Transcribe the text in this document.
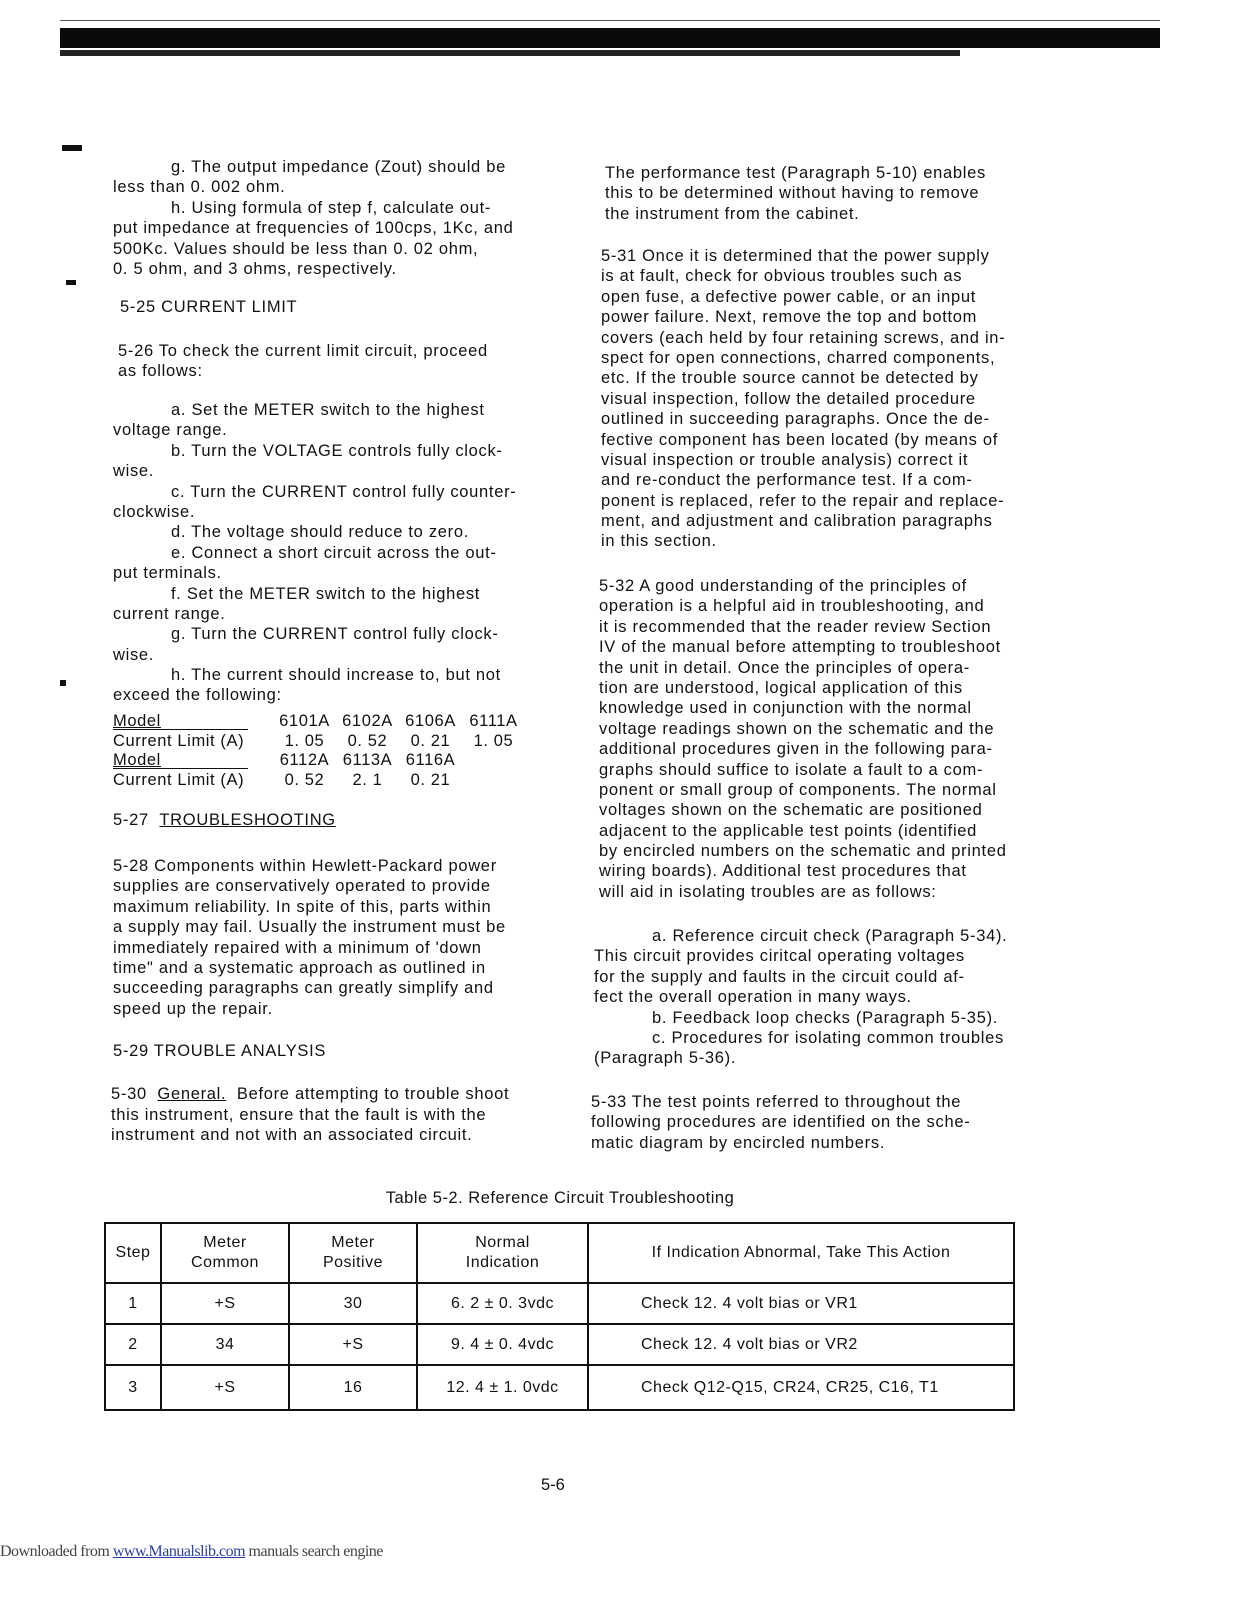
g. The output impedance (Zout) should be
less than 0. 002 ohm.
h. Using formula of step f, calculate out-
put impedance at frequencies of 100cps, 1Kc, and
500Kc. Values should be less than 0. 02 ohm,
0. 5 ohm, and 3 ohms, respectively.
5-25 CURRENT LIMIT
5-26 To check the current limit circuit, proceed
as follows:
a. Set the METER switch to the highest
voltage range.
b. Turn the VOLTAGE controls fully clock-
wise.
c. Turn the CURRENT control fully counter-
clockwise.
d. The voltage should reduce to zero.
e. Connect a short circuit across the out-
put terminals.
f. Set the METER switch to the highest
current range.
g. Turn the CURRENT control fully clock-
wise.
h. The current should increase to, but not
exceed the following:
Model	6101A 6102A 6106A 6111A
Current Limit (A)	1. 05	0. 52	0. 21	1. 05
Model	6112A 6113A 6116A
Current Limit (A)	0. 52	2. 1	0. 21
5-27 TROUBLESHOOTING
5-28 Components within Hewlett-Packard power
supplies are conservatively operated to provide
maximum reliability. In spite of this, parts within
a supply may fail. Usually the instrument must be
immediately repaired with a minimum of 'down
time" and a systematic approach as outlined in
succeeding paragraphs can greatly simplify and
speed up the repair.
5-29 TROUBLE ANALYSIS
5-30 General. Before attempting to trouble shoot
this instrument, ensure that the fault is with the
instrument and not with an associated circuit.
The performance test (Paragraph 5-10) enables
this to be determined without having to remove
the instrument from the cabinet.
5-31 Once it is determined that the power supply
is at fault, check for obvious troubles such as
open fuse, a defective power cable, or an input
power failure. Next, remove the top and bottom
covers (each held by four retaining screws, and in-
spect for open connections, charred components,
etc. If the trouble source cannot be detected by
visual inspection, follow the detailed procedure
outlined in succeeding paragraphs. Once the de-
fective component has been located (by means of
visual inspection or trouble analysis) correct it
and re-conduct the performance test. If a com-
ponent is replaced, refer to the repair and replace-
ment, and adjustment and calibration paragraphs
in this section.
5-32 A good understanding of the principles of
operation is a helpful aid in troubleshooting, and
it is recommended that the reader review Section
IV of the manual before attempting to troubleshoot
the unit in detail. Once the principles of opera-
tion are understood, logical application of this
knowledge used in conjunction with the normal
voltage readings shown on the schematic and the
additional procedures given in the following para-
graphs should suffice to isolate a fault to a com-
ponent or small group of components. The normal
voltages shown on the schematic are positioned
adjacent to the applicable test points (identified
by encircled numbers on the schematic and printed
wiring boards). Additional test procedures that
will aid in isolating troubles are as follows:
a. Reference circuit check (Paragraph 5-34).
This circuit provides ciritcal operating voltages
for the supply and faults in the circuit could af-
fect the overall operation in many ways.
b. Feedback loop checks (Paragraph 5-35).
c. Procedures for isolating common troubles
(Paragraph 5-36).
5-33 The test points referred to throughout the
following procedures are identified on the sche-
matic diagram by encircled numbers.
Table 5-2. Reference Circuit Troubleshooting
Step	Meter Common	Meter Positive	Normal Indication	If Indication Abnormal, Take This Action
1	+S	30	6. 2 ± 0. 3vdc	Check 12. 4 volt bias or VR1
2	34	+S	9. 4 ± 0. 4vdc	Check 12. 4 volt bias or VR2
3	+S	16	12. 4 ± 1. 0vdc	Check Q12-Q15, CR24, CR25, C16, T1
5-6
Downloaded from www.Manualslib.com manuals search engine
